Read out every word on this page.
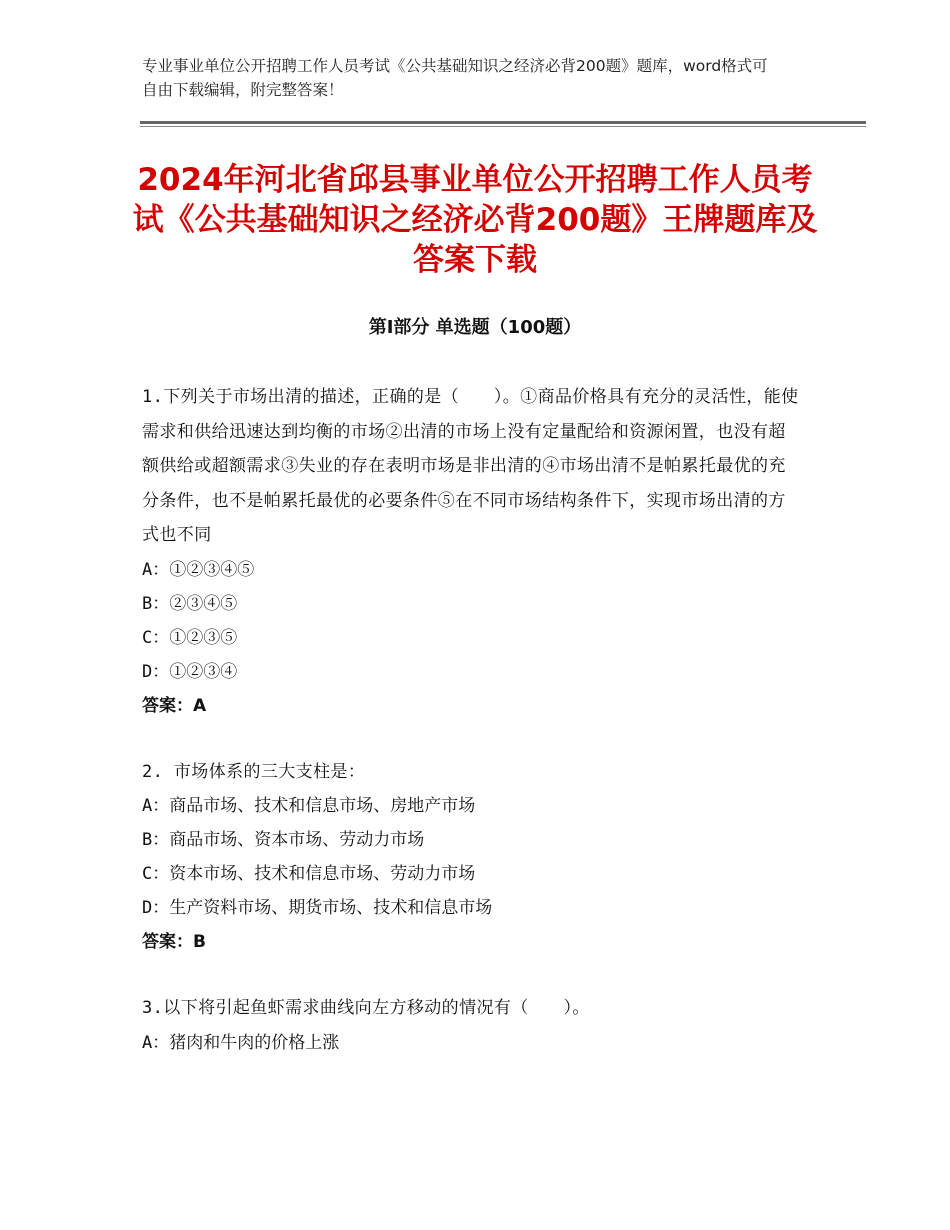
专业事业单位公开招聘工作人员考试《公共基础知识之经济必背200题》题库，word格式可自由下载编辑，附完整答案！
2024年河北省邱县事业单位公开招聘工作人员考试《公共基础知识之经济必背200题》王牌题库及答案下载
第Ⅰ部分 单选题（100题）
1.下列关于市场出清的描述，正确的是（　　）。①商品价格具有充分的灵活性，能使需求和供给迅速达到均衡的市场②出清的市场上没有定量配给和资源闲置，也没有超额供给或超额需求③失业的存在表明市场是非出清的④市场出清不是帕累托最优的充分条件，也不是帕累托最优的必要条件⑤在不同市场结构条件下，实现市场出清的方式也不同
A：①②③④⑤
B：②③④⑤
C：①②③⑤
D：①②③④
答案：A
2. 市场体系的三大支柱是：
A：商品市场、技术和信息市场、房地产市场
B：商品市场、资本市场、劳动力市场
C：资本市场、技术和信息市场、劳动力市场
D：生产资料市场、期货市场、技术和信息市场
答案：B
3.以下将引起鱼虾需求曲线向左方移动的情况有（　　）。
A：猪肉和牛肉的价格上涨
